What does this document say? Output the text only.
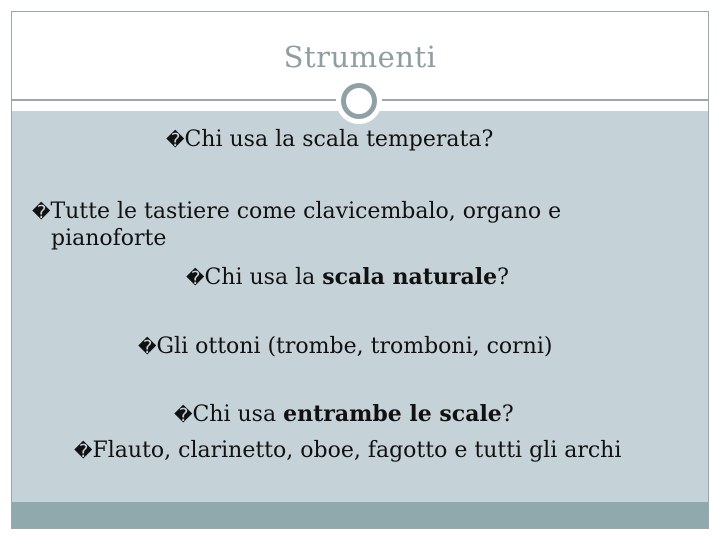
Strumenti
�Chi usa la scala temperata?
�Tutte le tastiere come clavicembalo, organo e
pianoforte
�Chi usa la scala naturale?
�Gli ottoni (trombe, tromboni, corni)
�Chi usa entrambe le scale?
�Flauto, clarinetto, oboe, fagotto e tutti gli archi
